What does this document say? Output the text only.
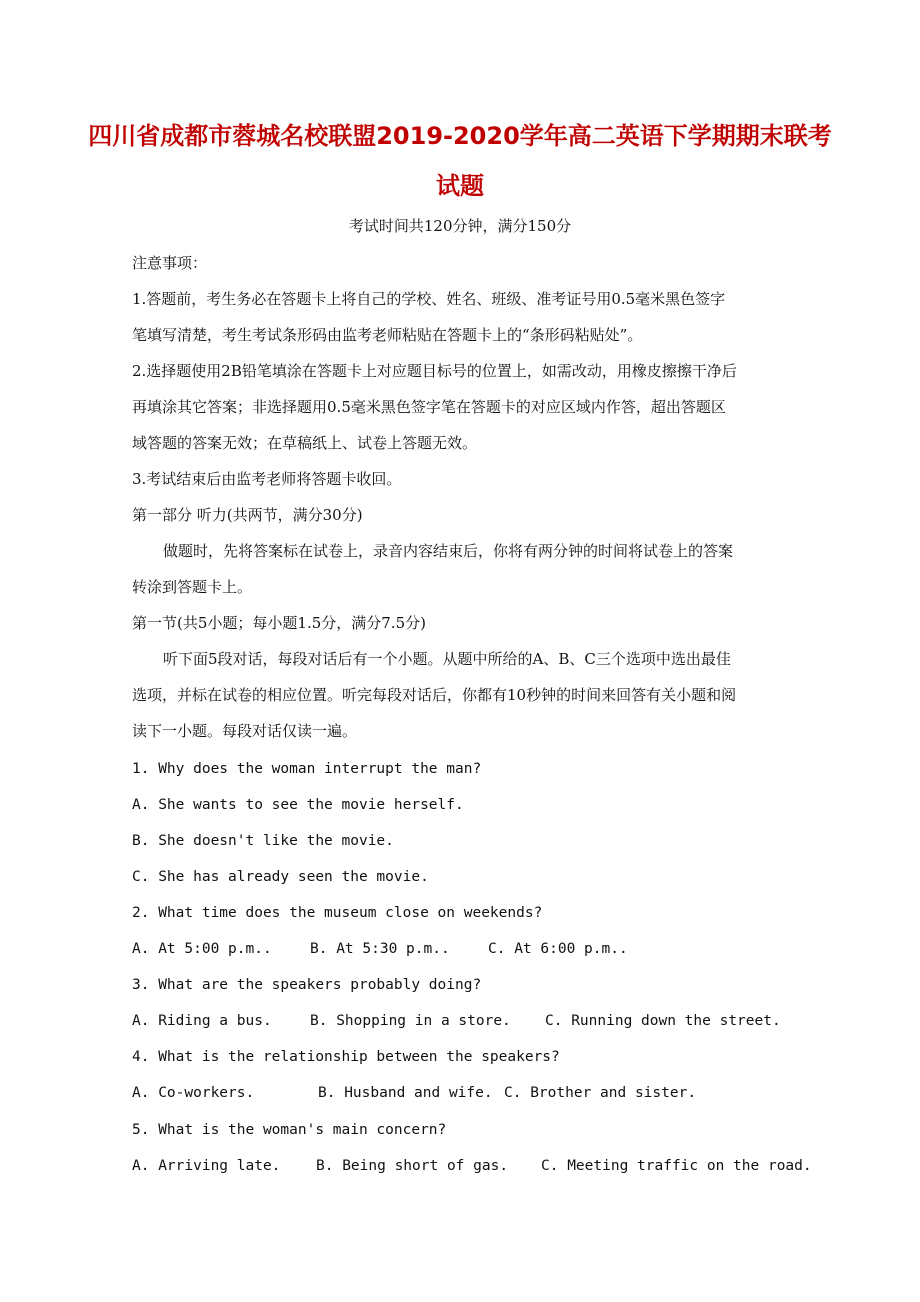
四川省成都市蓉城名校联盟2019-2020学年高二英语下学期期末联考
试题
考试时间共120分钟，满分150分
注意事项：
1.答题前，考生务必在答题卡上将自己的学校、姓名、班级、准考证号用0.5毫米黑色签字
笔填写清楚，考生考试条形码由监考老师粘贴在答题卡上的“条形码粘贴处”。
2.选择题使用2B铅笔填涂在答题卡上对应题目标号的位置上，如需改动，用橡皮擦擦干净后
再填涂其它答案；非选择题用0.5毫米黑色签字笔在答题卡的对应区域内作答，超出答题区
域答题的答案无效；在草稿纸上、试卷上答题无效。
3.考试结束后由监考老师将答题卡收回。
第一部分 听力(共两节，满分30分)
做题时，先将答案标在试卷上，录音内容结束后，你将有两分钟的时间将试卷上的答案
转涂到答题卡上。
第一节(共5小题；每小题1.5分，满分7.5分)
听下面5段对话，每段对话后有一个小题。从题中所给的A、B、C三个选项中选出最佳
选项，并标在试卷的相应位置。听完每段对话后，你都有10秒钟的时间来回答有关小题和阅
读下一小题。每段对话仅读一遍。
1. Why does the woman interrupt the man?
A. She wants to see the movie herself.
B. She doesn't like the movie.
C. She has already seen the movie.
2. What time does the museum close on weekends?
A. At 5:00 p.m..	B. At 5:30 p.m..	C. At 6:00 p.m..
3. What are the speakers probably doing?
A. Riding a bus.	B. Shopping in a store. C. Running down the street.
4. What is the relationship between the speakers?
A. Co-workers.	B. Husband and wife. C. Brother and sister.
5. What is the woman's main concern?
A. Arriving late. B. Being short of gas. C. Meeting traffic on the road.
